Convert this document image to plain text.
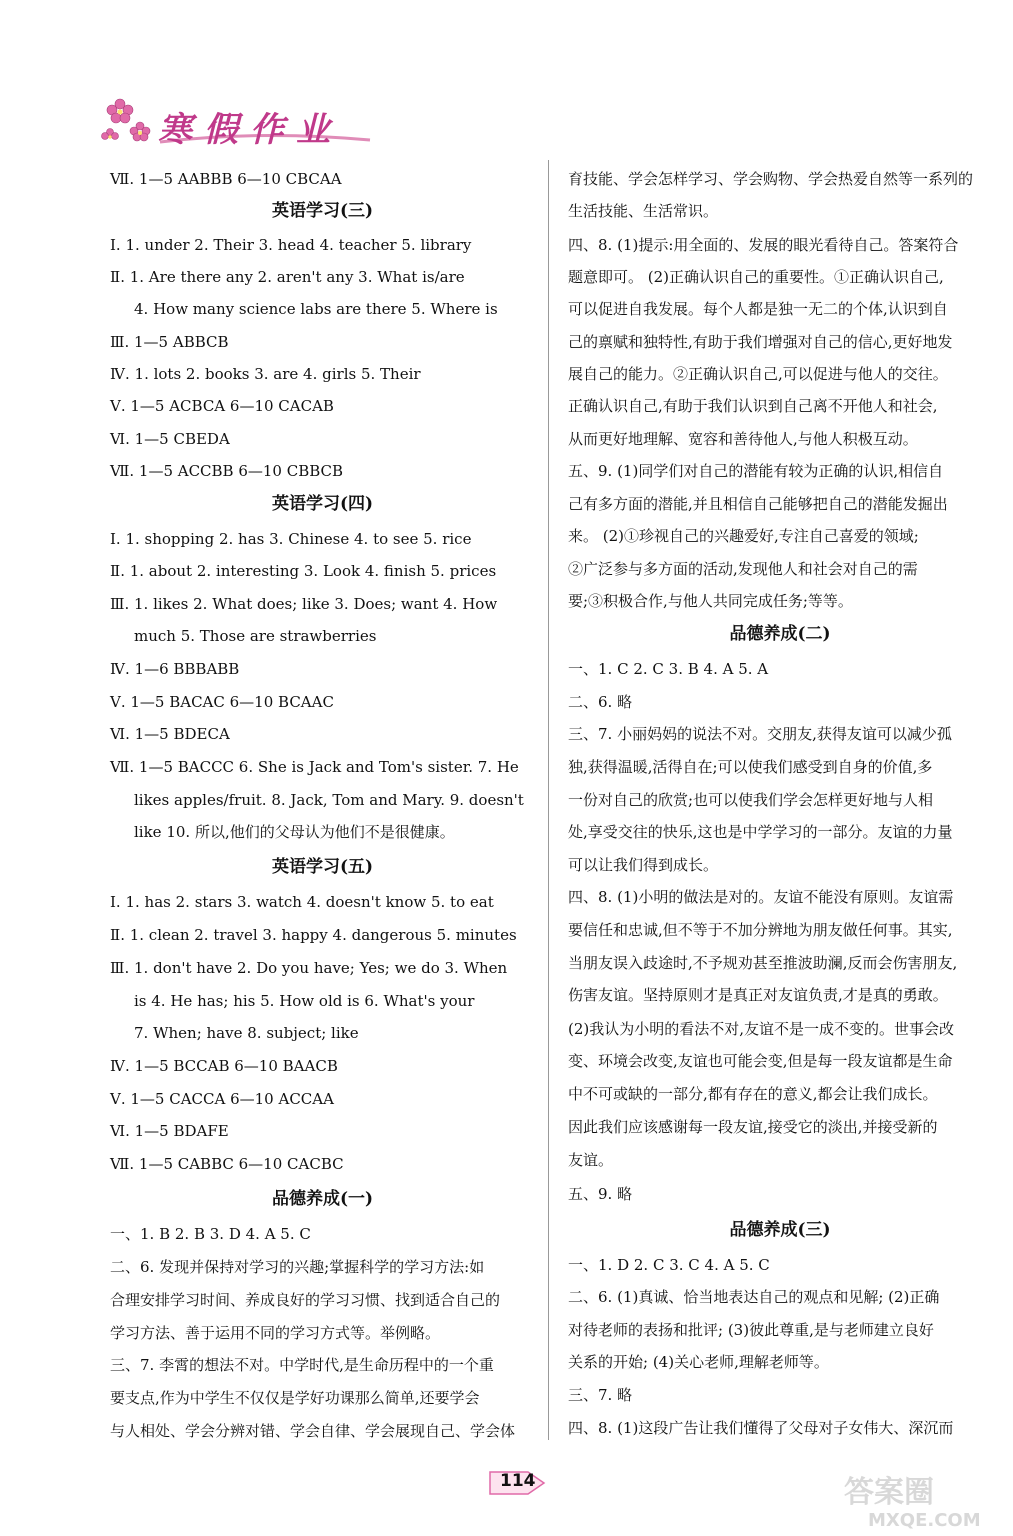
寒假作业
Ⅶ. 1—5 AABBB 6—10 CBCAA
英语学习(三)
Ⅰ. 1. under 2. Their 3. head 4. teacher 5. library
Ⅱ. 1. Are there any 2. aren't any 3. What is/are
4. How many science labs are there 5. Where is
Ⅲ. 1—5 ABBCB
Ⅳ. 1. lots 2. books 3. are 4. girls 5. Their
Ⅴ. 1—5 ACBCA 6—10 CACAB
Ⅵ. 1—5 CBEDA
Ⅶ. 1—5 ACCBB 6—10 CBBCB
英语学习(四)
Ⅰ. 1. shopping 2. has 3. Chinese 4. to see 5. rice
Ⅱ. 1. about 2. interesting 3. Look 4. finish 5. prices
Ⅲ. 1. likes 2. What does; like 3. Does; want 4. How
much 5. Those are strawberries
Ⅳ. 1—6 BBBABB
Ⅴ. 1—5 BACAC 6—10 BCAAC
Ⅵ. 1—5 BDECA
Ⅶ. 1—5 BACCC 6. She is Jack and Tom's sister. 7. He
likes apples/fruit. 8. Jack, Tom and Mary. 9. doesn't
like 10. 所以,他们的父母认为他们不是很健康。
英语学习(五)
Ⅰ. 1. has 2. stars 3. watch 4. doesn't know 5. to eat
Ⅱ. 1. clean 2. travel 3. happy 4. dangerous 5. minutes
Ⅲ. 1. don't have 2. Do you have; Yes; we do 3. When
is 4. He has; his 5. How old is 6. What's your
7. When; have 8. subject; like
Ⅳ. 1—5 BCCAB 6—10 BAACB
Ⅴ. 1—5 CACCA 6—10 ACCAA
Ⅵ. 1—5 BDAFE
Ⅶ. 1—5 CABBC 6—10 CACBC
品德养成(一)
一、1. B 2. B 3. D 4. A 5. C
二、6. 发现并保持对学习的兴趣;掌握科学的学习方法:如
合理安排学习时间、养成良好的学习习惯、找到适合自己的
学习方法、善于运用不同的学习方式等。举例略。
三、7. 李霄的想法不对。中学时代,是生命历程中的一个重
要支点,作为中学生不仅仅是学好功课那么简单,还要学会
与人相处、学会分辨对错、学会自律、学会展现自己、学会体
育技能、学会怎样学习、学会购物、学会热爱自然等一系列的
生活技能、生活常识。
四、8. (1)提示:用全面的、发展的眼光看待自己。答案符合
题意即可。 (2)正确认识自己的重要性。①正确认识自己,
可以促进自我发展。每个人都是独一无二的个体,认识到自
己的禀赋和独特性,有助于我们增强对自己的信心,更好地发
展自己的能力。②正确认识自己,可以促进与他人的交往。
正确认识自己,有助于我们认识到自己离不开他人和社会,
从而更好地理解、宽容和善待他人,与他人积极互动。
五、9. (1)同学们对自己的潜能有较为正确的认识,相信自
己有多方面的潜能,并且相信自己能够把自己的潜能发掘出
来。 (2)①珍视自己的兴趣爱好,专注自己喜爱的领域;
②广泛参与多方面的活动,发现他人和社会对自己的需
要;③积极合作,与他人共同完成任务;等等。
品德养成(二)
一、1. C 2. C 3. B 4. A 5. A
二、6. 略
三、7. 小丽妈妈的说法不对。交朋友,获得友谊可以减少孤
独,获得温暖,活得自在;可以使我们感受到自身的价值,多
一份对自己的欣赏;也可以使我们学会怎样更好地与人相
处,享受交往的快乐,这也是中学学习的一部分。友谊的力量
可以让我们得到成长。
四、8. (1)小明的做法是对的。友谊不能没有原则。友谊需
要信任和忠诚,但不等于不加分辨地为朋友做任何事。其实,
当朋友误入歧途时,不予规劝甚至推波助澜,反而会伤害朋友,
伤害友谊。坚持原则才是真正对友谊负责,才是真的勇敢。
(2)我认为小明的看法不对,友谊不是一成不变的。世事会改
变、环境会改变,友谊也可能会变,但是每一段友谊都是生命
中不可或缺的一部分,都有存在的意义,都会让我们成长。
因此我们应该感谢每一段友谊,接受它的淡出,并接受新的
友谊。
五、9. 略
品德养成(三)
一、1. D 2. C 3. C 4. A 5. C
二、6. (1)真诚、恰当地表达自己的观点和见解; (2)正确
对待老师的表扬和批评; (3)彼此尊重,是与老师建立良好
关系的开始; (4)关心老师,理解老师等。
三、7. 略
四、8. (1)这段广告让我们懂得了父母对子女伟大、深沉而
114	答案圈
MXQE.COM
